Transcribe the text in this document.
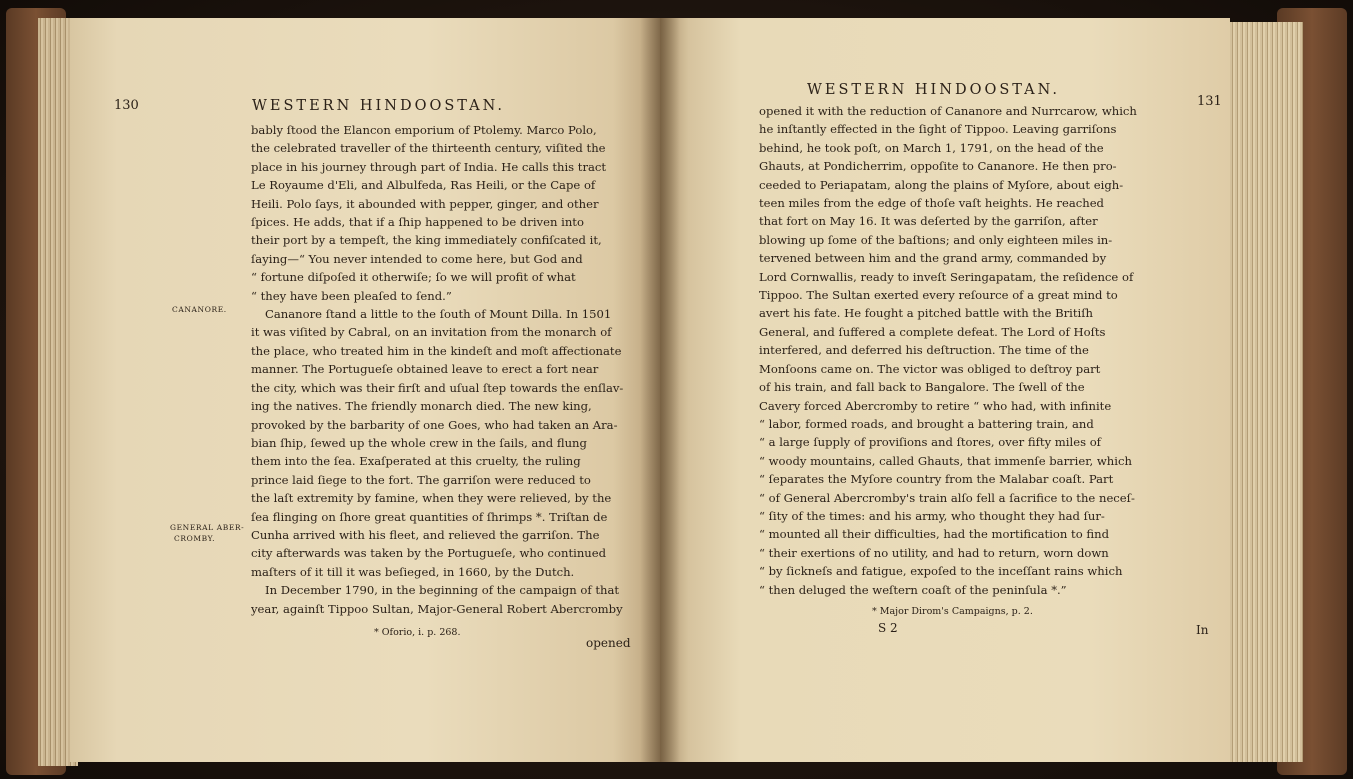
130	WESTERN HINDOOSTAN.
CANANORE.
GENERAL ABER-
CROMBY.
bably ſtood the Elancon emporium of Ptolemy. Marco Polo,
the celebrated traveller of the thirteenth century, viſited the
place in his journey through part of India. He calls this tract
Le Royaume d'Eli, and Albulfeda, Ras Heili, or the Cape of
Heili. Polo ſays, it abounded with pepper, ginger, and other
ſpices. He adds, that if a ſhip happened to be driven into
their port by a tempeſt, the king immediately confiſcated it,
ſaying—“ You never intended to come here, but God and
“ fortune diſpoſed it otherwiſe; ſo we will profit of what
“ they have been pleaſed to ſend.”
Cananore ſtand a little to the ſouth of Mount Dilla. In 1501
it was viſited by Cabral, on an invitation from the monarch of
the place, who treated him in the kindeſt and moſt affectionate
manner. The Portugueſe obtained leave to erect a fort near
the city, which was their firſt and uſual ſtep towards the enſlav-
ing the natives. The friendly monarch died. The new king,
provoked by the barbarity of one Goes, who had taken an Ara-
bian ſhip, ſewed up the whole crew in the ſails, and flung
them into the ſea. Exaſperated at this cruelty, the ruling
prince laid ſiege to the fort. The garriſon were reduced to
the laſt extremity by famine, when they were relieved, by the
ſea flinging on ſhore great quantities of ſhrimps *. Triſtan de
Cunha arrived with his fleet, and relieved the garriſon. The
city afterwards was taken by the Portugueſe, who continued
maſters of it till it was beſieged, in 1660, by the Dutch.
In December 1790, in the beginning of the campaign of that
year, againſt Tippoo Sultan, Major-General Robert Abercromby
* Oforio, i. p. 268.
opened
WESTERN HINDOOSTAN.
131
opened it with the reduction of Cananore and Nurrcarow, which
he inſtantly effected in the ſight of Tippoo. Leaving garriſons
behind, he took poſt, on March 1, 1791, on the head of the
Ghauts, at Pondicherrim, oppoſite to Cananore. He then pro-
ceeded to Periapatam, along the plains of Myſore, about eigh-
teen miles from the edge of thoſe vaſt heights. He reached
that fort on May 16. It was deſerted by the garriſon, after
blowing up ſome of the baſtions; and only eighteen miles in-
tervened between him and the grand army, commanded by
Lord Cornwallis, ready to inveſt Seringapatam, the reſidence of
Tippoo. The Sultan exerted every reſource of a great mind to
avert his fate. He fought a pitched battle with the Britiſh
General, and ſuffered a complete defeat. The Lord of Hoſts
interfered, and deferred his deſtruction. The time of the
Monſoons came on. The victor was obliged to deſtroy part
of his train, and fall back to Bangalore. The ſwell of the
Cavery forced Abercromby to retire “ who had, with infinite
“ labor, formed roads, and brought a battering train, and
“ a large ſupply of proviſions and ſtores, over fifty miles of
“ woody mountains, called Ghauts, that immenſe barrier, which
“ ſeparates the Myſore country from the Malabar coaſt. Part
“ of General Abercromby's train alſo fell a ſacrifice to the neceſ-
“ ſity of the times: and his army, who thought they had ſur-
“ mounted all their difficulties, had the mortification to find
“ their exertions of no utility, and had to return, worn down
“ by ſickneſs and fatigue, expoſed to the inceſſant rains which
“ then deluged the weſtern coaſt of the peninſula *.”
* Major Dirom's Campaigns, p. 2.
S 2	In
